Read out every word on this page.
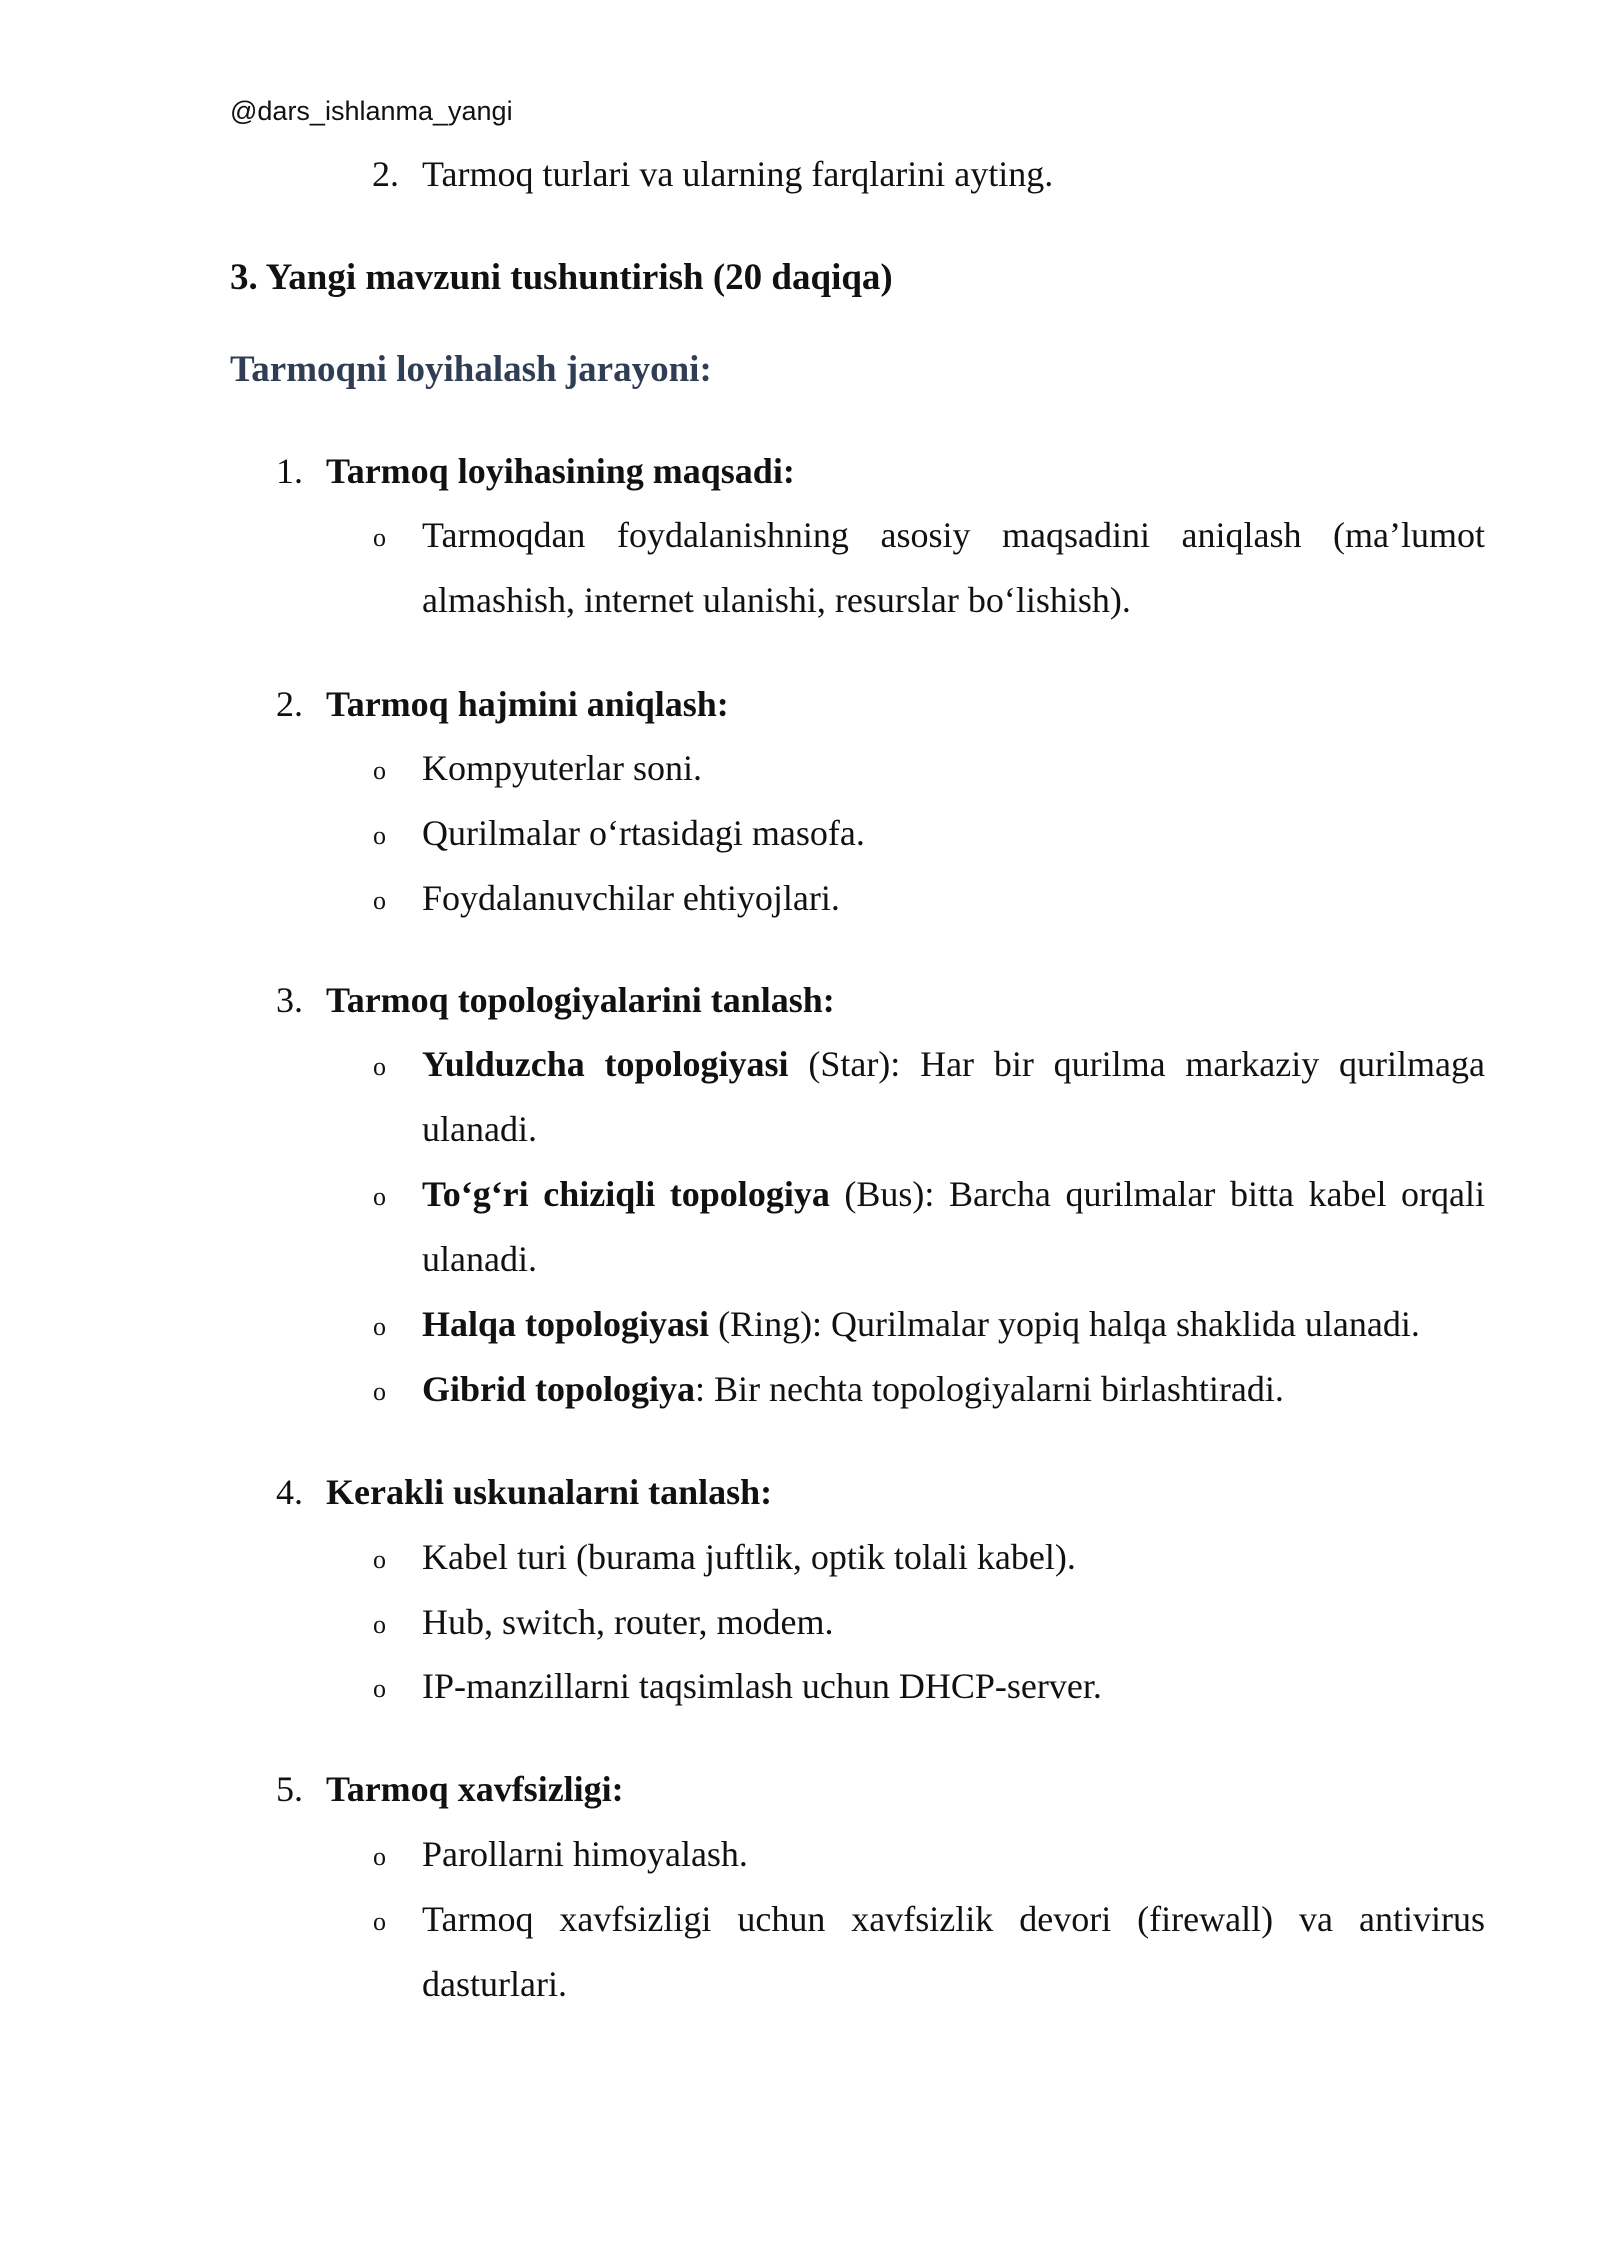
@dars_ishlanma_yangi
2. Tarmoq turlari va ularning farqlarini ayting.
3. Yangi mavzuni tushuntirish (20 daqiqa)
Tarmoqni loyihalash jarayoni:
1. Tarmoq loyihasining maqsadi:
o Tarmoqdan foydalanishning asosiy maqsadini aniqlash (ma’lumot almashish, internet ulanishi, resurslar bo‘lishish).
2. Tarmoq hajmini aniqlash:
o Kompyuterlar soni.
o Qurilmalar o‘rtasidagi masofa.
o Foydalanuvchilar ehtiyojlari.
3. Tarmoq topologiyalarini tanlash:
o Yulduzcha topologiyasi (Star): Har bir qurilma markaziy qurilmaga ulanadi.
o To‘g‘ri chiziqli topologiya (Bus): Barcha qurilmalar bitta kabel orqali ulanadi.
o Halqa topologiyasi (Ring): Qurilmalar yopiq halqa shaklida ulanadi.
o Gibrid topologiya: Bir nechta topologiyalarni birlashtiradi.
4. Kerakli uskunalarni tanlash:
o Kabel turi (burama juftlik, optik tolali kabel).
o Hub, switch, router, modem.
o IP-manzillarni taqsimlash uchun DHCP-server.
5. Tarmoq xavfsizligi:
o Parollarni himoyalash.
o Tarmoq xavfsizligi uchun xavfsizlik devori (firewall) va antivirus dasturlari.
